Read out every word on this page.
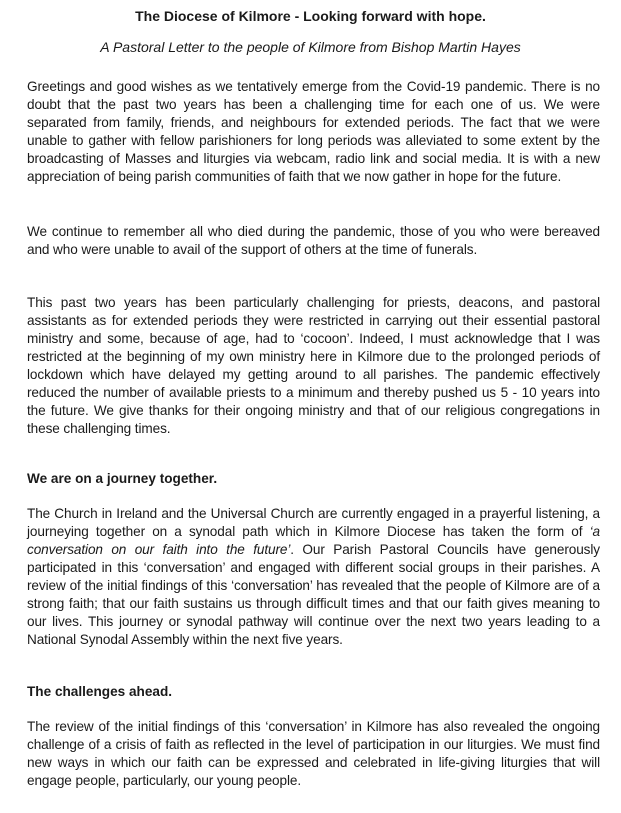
The Diocese of Kilmore - Looking forward with hope.

A Pastoral Letter to the people of Kilmore from Bishop Martin Hayes

Greetings and good wishes as we tentatively emerge from the Covid-19 pandemic. There is no doubt that the past two years has been a challenging time for each one of us. We were separated from family, friends, and neighbours for extended periods. The fact that we were unable to gather with fellow parishioners for long periods was alleviated to some extent by the broadcasting of Masses and liturgies via webcam, radio link and social media. It is with a new appreciation of being parish communities of faith that we now gather in hope for the future.

We continue to remember all who died during the pandemic, those of you who were bereaved and who were unable to avail of the support of others at the time of funerals.

This past two years has been particularly challenging for priests, deacons, and pastoral assistants as for extended periods they were restricted in carrying out their essential pastoral ministry and some, because of age, had to ‘cocoon’. Indeed, I must acknowledge that I was restricted at the beginning of my own ministry here in Kilmore due to the prolonged periods of lockdown which have delayed my getting around to all parishes. The pandemic effectively reduced the number of available priests to a minimum and thereby pushed us 5 - 10 years into the future. We give thanks for their ongoing ministry and that of our religious congregations in these challenging times.

We are on a journey together.

The Church in Ireland and the Universal Church are currently engaged in a prayerful listening, a journeying together on a synodal path which in Kilmore Diocese has taken the form of ‘a conversation on our faith into the future’. Our Parish Pastoral Councils have generously participated in this ‘conversation’ and engaged with different social groups in their parishes. A review of the initial findings of this ‘conversation’ has revealed that the people of Kilmore are of a strong faith; that our faith sustains us through difficult times and that our faith gives meaning to our lives. This journey or synodal pathway will continue over the next two years leading to a National Synodal Assembly within the next five years.

The challenges ahead.

The review of the initial findings of this ‘conversation’ in Kilmore has also revealed the ongoing challenge of a crisis of faith as reflected in the level of participation in our liturgies. We must find new ways in which our faith can be expressed and celebrated in life-giving liturgies that will engage people, particularly, our young people.
